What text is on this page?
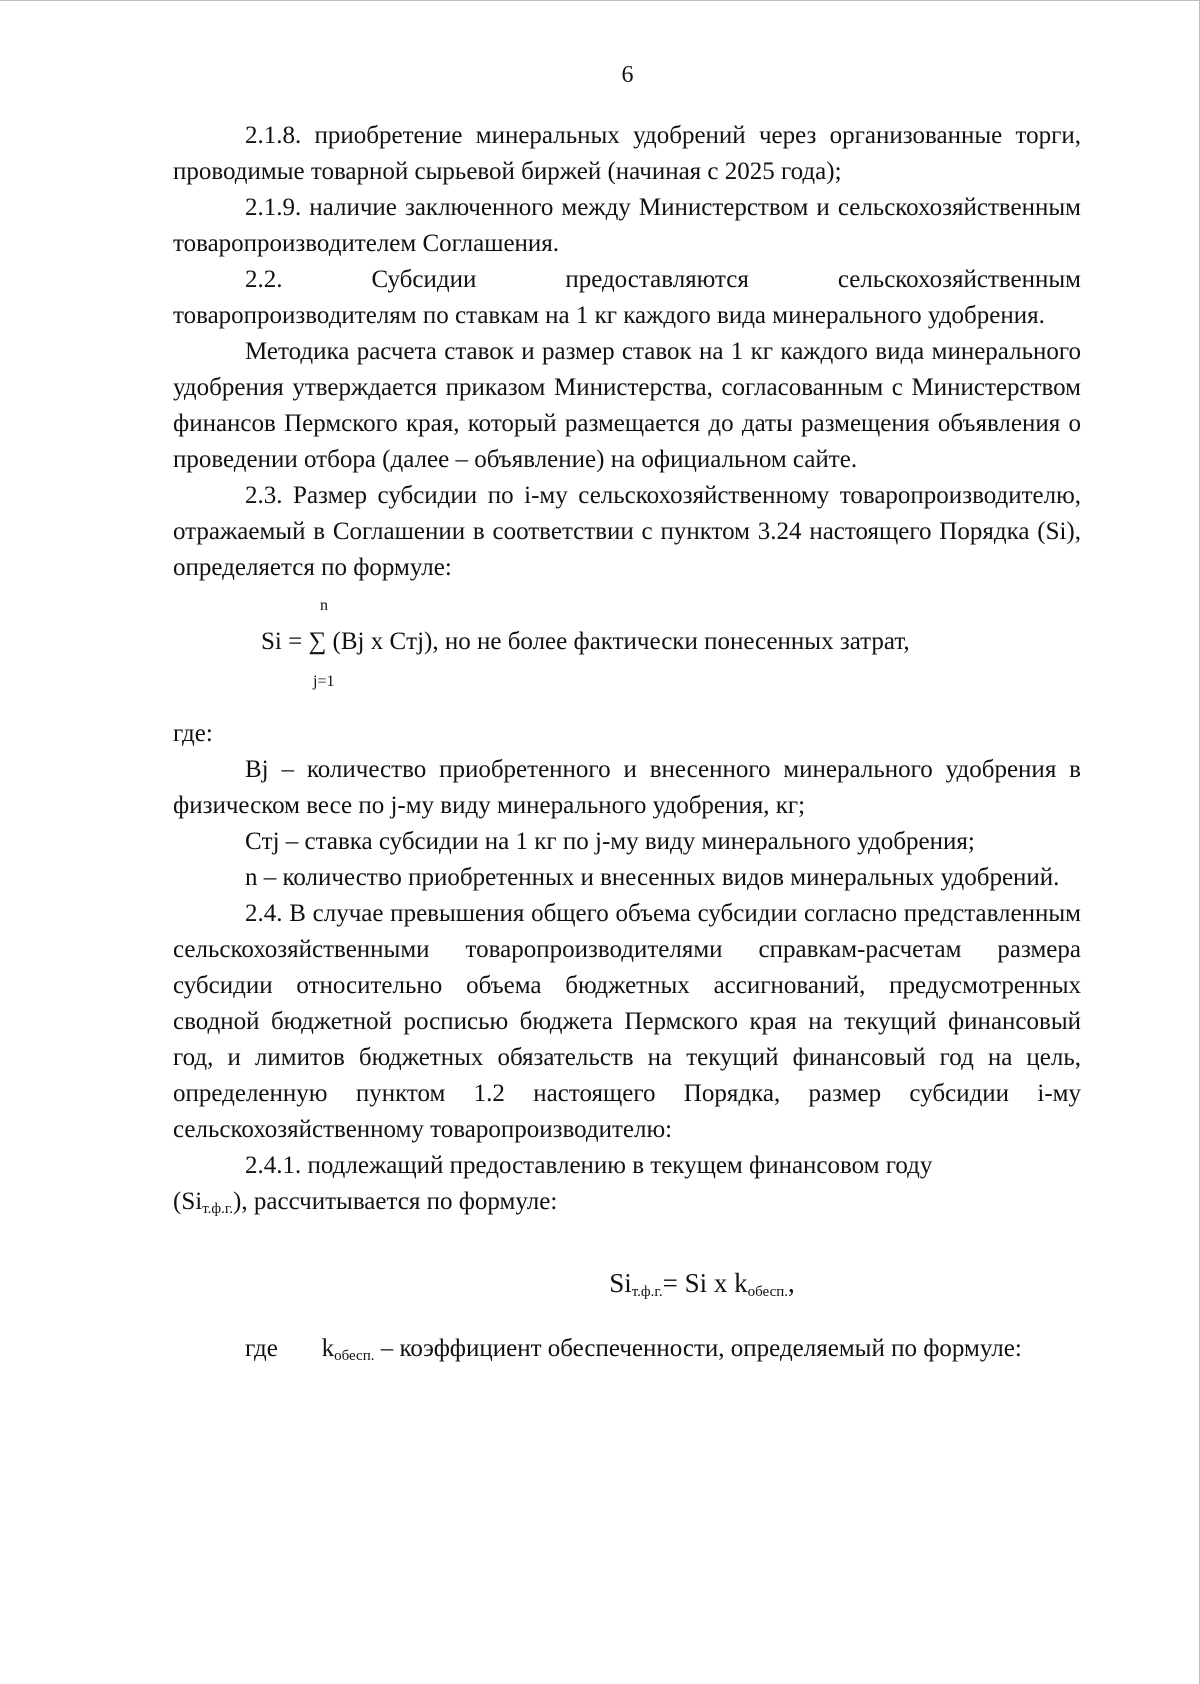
6

2.1.8. приобретение минеральных удобрений через организованные торги, проводимые товарной сырьевой биржей (начиная с 2025 года);

2.1.9. наличие заключенного между Министерством и сельскохозяйственным товаропроизводителем Соглашения.

2.2. Субсидии предоставляются сельскохозяйственным товаропроизводителям по ставкам на 1 кг каждого вида минерального удобрения.

Методика расчета ставок и размер ставок на 1 кг каждого вида минерального удобрения утверждается приказом Министерства, согласованным с Министерством финансов Пермского края, который размещается до даты размещения объявления о проведении отбора (далее – объявление) на официальном сайте.

2.3. Размер субсидии по i-му сельскохозяйственному товаропроизводителю, отражаемый в Соглашении в соответствии с пунктом 3.24 настоящего Порядка (Si), определяется по формуле:

n
Si = ∑ (Bj x Cтj), но не более фактически понесенных затрат,
j=1

где:

Bj – количество приобретенного и внесенного минерального удобрения в физическом весе по j-му виду минерального удобрения, кг;

Cтj – ставка субсидии на 1 кг по j-му виду минерального удобрения;

n – количество приобретенных и внесенных видов минеральных удобрений.

2.4. В случае превышения общего объема субсидии согласно представленным сельскохозяйственными товаропроизводителями справкам-расчетам размера субсидии относительно объема бюджетных ассигнований, предусмотренных сводной бюджетной росписью бюджета Пермского края на текущий финансовый год, и лимитов бюджетных обязательств на текущий финансовый год на цель, определенную пунктом 1.2 настоящего Порядка, размер субсидии i-му сельскохозяйственному товаропроизводителю:

2.4.1. подлежащий предоставлению в текущем финансовом году

(Siт.ф.г.), рассчитывается по формуле:

$Si_{т.ф.г.}= Si$ x $k_{обесп.}$,

где $k_{обесп.}$ – коэффициент обеспеченности, определяемый по формуле:
